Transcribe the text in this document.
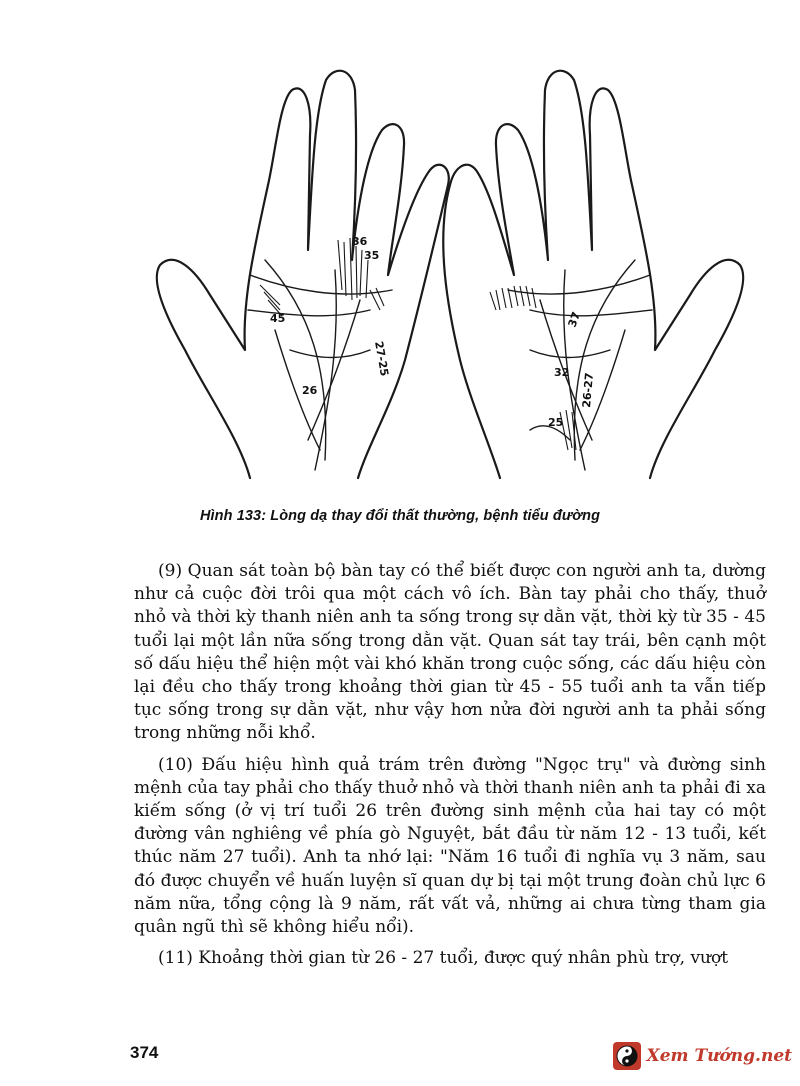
36
35
45
27-25
26
37
32 26-27
25
Hình 133: Lòng dạ thay đổi thất thường, bệnh tiểu đường

(9) Quan sát toàn bộ bàn tay có thể biết được con người anh ta, dường như cả cuộc đời trôi qua một cách vô ích. Bàn tay phải cho thấy, thuở nhỏ và thời kỳ thanh niên anh ta sống trong sự dằn vặt, thời kỳ từ 35 - 45 tuổi lại một lần nữa sống trong dằn vặt. Quan sát tay trái, bên cạnh một số dấu hiệu thể hiện một vài khó khăn trong cuộc sống, các dấu hiệu còn lại đều cho thấy trong khoảng thời gian từ 45 - 55 tuổi anh ta vẫn tiếp tục sống trong sự dằn vặt, như vậy hơn nửa đời người anh ta phải sống trong những nỗi khổ.

(10) Đấu hiệu hình quả trám trên đường "Ngọc trụ" và đường sinh mệnh của tay phải cho thấy thuở nhỏ và thời thanh niên anh ta phải đi xa kiếm sống (ở vị trí tuổi 26 trên đường sinh mệnh của hai tay có một đường vân nghiêng về phía gò Nguyệt, bắt đầu từ năm 12 - 13 tuổi, kết thúc năm 27 tuổi). Anh ta nhớ lại: "Năm 16 tuổi đi nghĩa vụ 3 năm, sau đó được chuyển về huấn luyện sĩ quan dự bị tại một trung đoàn chủ lực 6 năm nữa, tổng cộng là 9 năm, rất vất vả, những ai chưa từng tham gia quân ngũ thì sẽ không hiểu nổi).

(11) Khoảng thời gian từ 26 - 27 tuổi, được quý nhân phù trợ, vượt

374	Xem Tướng.net
